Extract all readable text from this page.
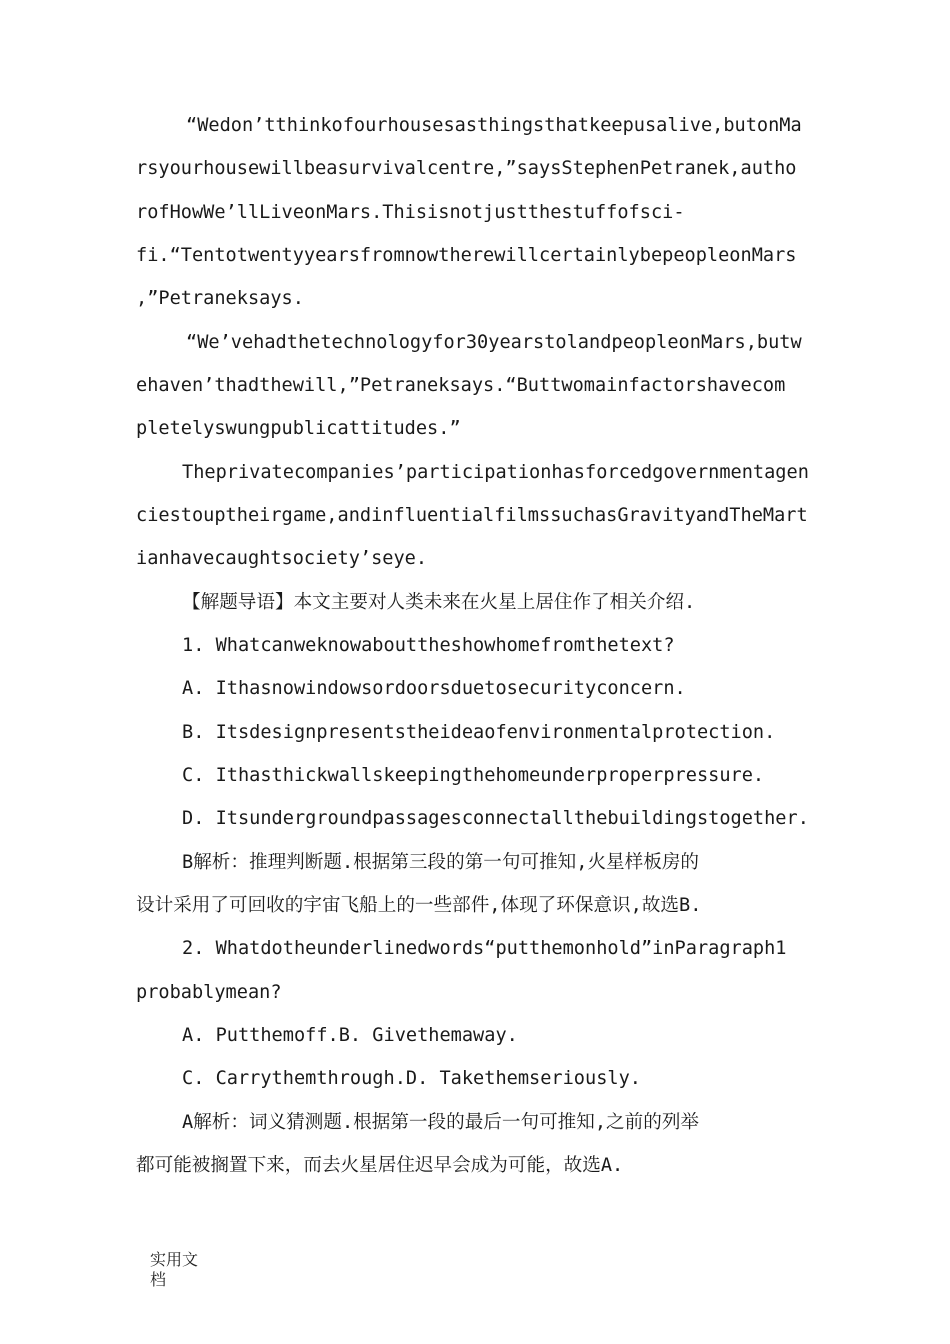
“Wedon’tthinkofourhousesasthingsthatkeepusalive,butonMa
rsyourhousewillbeasurvivalcentre,”saysStephenPetranek,autho
rofHowWe’llLiveonMars.Thisisnotjustthestuffofsci-
fi.“TentotwentyyearsfromnowtherewillcertainlybepeopleonMars
,”Petraneksays.
“We’vehadthetechnologyfor30yearstolandpeopleonMars,butw
ehaven’thadthewill,”Petraneksays.“Buttwomainfactorshavecom
pletelyswungpublicattitudes.”
Theprivatecompanies’participationhasforcedgovernmentagen
ciestouptheirgame,andinfluentialfilmssuchasGravityandTheMart
ianhavecaughtsociety’seye.
【解题导语】本文主要对人类未来在火星上居住作了相关介绍.
1. Whatcanweknowabouttheshowhomefromthetext?
A. Ithasnowindowsordoorsduetosecurityconcern.
B. Itsdesignpresentstheideaofenvironmentalprotection.
C. Ithasthickwallskeepingthehomeunderproperpressure.
D. Itsundergroundpassagesconnectallthebuildingstogether.
B解析：推理判断题.根据第三段的第一句可推知,火星样板房的
设计采用了可回收的宇宙飞船上的一些部件,体现了环保意识,故选B.
2. Whatdotheunderlinedwords“putthemonhold”inParagraph1
probablymean?
A. Putthemoff.B. Givethemaway.
C. Carrythemthrough.D. Takethemseriously.
A解析：词义猜测题.根据第一段的最后一句可推知,之前的列举
都可能被搁置下来，而去火星居住迟早会成为可能，故选A.
实用文
档
